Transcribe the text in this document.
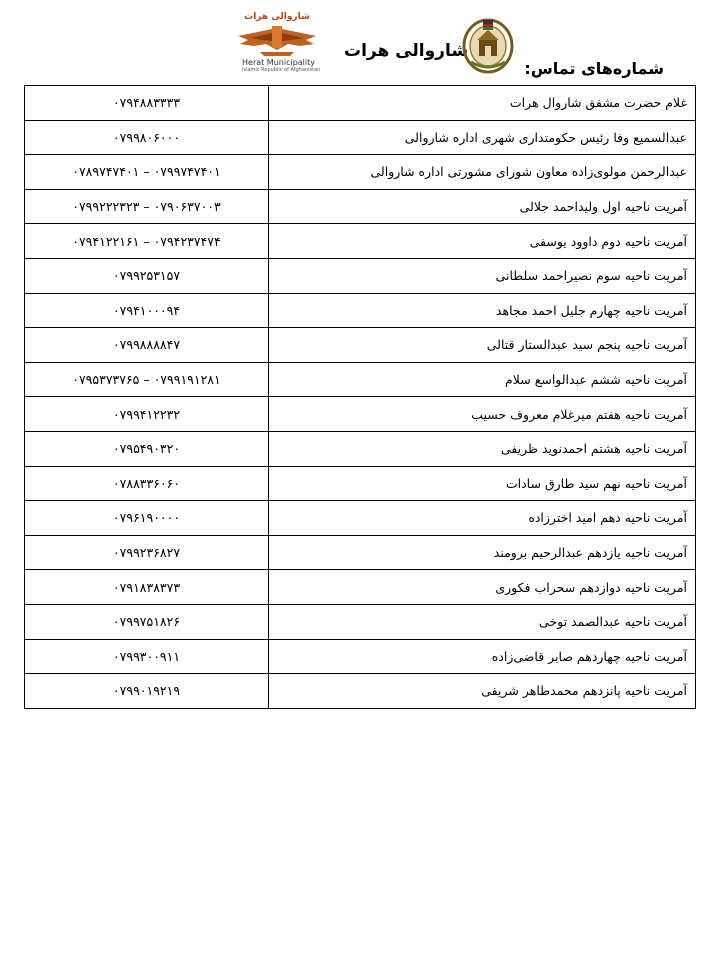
شاروالی هرات
Herat Municipality
Islamic Republic of Afghanistan
شاروالی هرات
شماره‌های تماس:
۰۷۹۴۸۸۳۳۳۳	غلام حضرت مشفق شاروال هرات
۰۷۹۹۸۰۶۰۰۰	عبدالسمیع وفا رئیس حکومتداری شهری اداره شاروالی
۰۷۸۹۷۴۷۴۰۱ – ۰۷۹۹۷۴۷۴۰۱	عبدالرحمن مولوی‌زاده معاون شورای مشورتی اداره شاروالی
۰۷۹۹۲۲۲۳۲۳ – ۰۷۹۰۶۳۷۰۰۳	آمریت ناحیه اول ولیداحمد جلالی
۰۷۹۴۱۲۲۱۶۱ – ۰۷۹۴۲۳۷۴۷۴	آمریت ناحیه دوم داوود یوسفی
۰۷۹۹۲۵۳۱۵۷	آمریت ناحیه سوم نصیراحمد سلطانی
۰۷۹۴۱۰۰۰۹۴	آمریت ناحیه چهارم جلیل احمد مجاهد
۰۷۹۹۸۸۸۸۴۷	آمریت ناحیه پنجم سید عبدالستار قتالی
۰۷۹۵۳۷۳۷۶۵ – ۰۷۹۹۱۹۱۲۸۱	آمریت ناحیه ششم عبدالواسع سلام
۰۷۹۹۴۱۲۲۳۲	آمریت ناحیه هفتم میرغلام معروف حسیب
۰۷۹۵۴۹۰۳۲۰	آمریت ناحیه هشتم احمدنوید ظریفی
۰۷۸۸۳۳۶۰۶۰	آمریت ناحیه نهم سید طارق سادات
۰۷۹۶۱۹۰۰۰۰	آمریت ناحیه دهم امید اخترزاده
۰۷۹۹۲۳۶۸۲۷	آمریت ناحیه یازدهم عبدالرحیم برومند
۰۷۹۱۸۳۸۳۷۳	آمریت ناحیه دوازدهم سحراب فکوری
۰۷۹۹۷۵۱۸۲۶	آمریت ناحیه عبدالصمد توخی
۰۷۹۹۳۰۰۹۱۱	آمریت ناحیه چهاردهم صابر قاضی‌زاده
۰۷۹۹۰۱۹۲۱۹	آمریت ناحیه پانزدهم محمدطاهر شریفی
